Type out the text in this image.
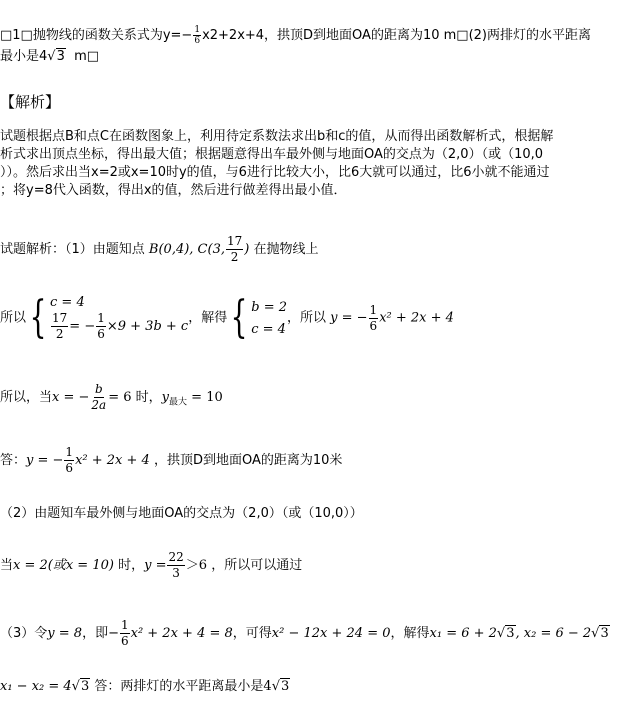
□1□抛物线的函数关系式为$y=- \frac{1}{6} x2+2x+4$，拱顶D到地面OA的距离为10 m□(2)两排灯的水平距离
最小是4√3 m□
【解析】
试题根据点B和点C在函数图象上，利用待定系数法求出b和c的值，从而得出函数解析式，根据解
析式求出顶点坐标，得出最大值；根据题意得出车最外侧与地面OA的交点为（2,0）（或（10,0
））。然后求出当x=2或x=10时y的值，与6进行比较大小，比6大就可以通过，比6小就不能通过
；将y=8代入函数，得出x的值，然后进行做差得出最小值．
试题解析：（1）由题知点 B(0,4), C(3, $\frac{17}{2}$ ) 在抛物线上
所以 { c = 4
$\frac{17}{2}$ = − $\frac{1}{6} \times 9 + 3b + c$
，解得 { b = 2
c = 4
，所以 y = − $\frac{1}{6} x^2 + 2x + 4$
所以，当x = − $\frac{b}{2a} = 6$ 时，$y_{最大} = 10$
答：y = − $\frac{1}{6} x^2 + 2x + 4$ ，拱顶D到地面OA的距离为10米
（2）由题知车最外侧与地面OA的交点为（2,0）（或（10,0））
当x = 2(或x = 10) 时，$y = \frac{22}{3} >6$ ，所以可以通过
（3）令y = 8，即− $\frac{1}{6} x^2 + 2x + 4 = 8$，可得x² − 12x + 24 = 0，解得x₁ = 6 + 2√3, x₂ = 6 − 2√3
x₁ − x₂ = 4√3 答：两排灯的水平距离最小是4√3
